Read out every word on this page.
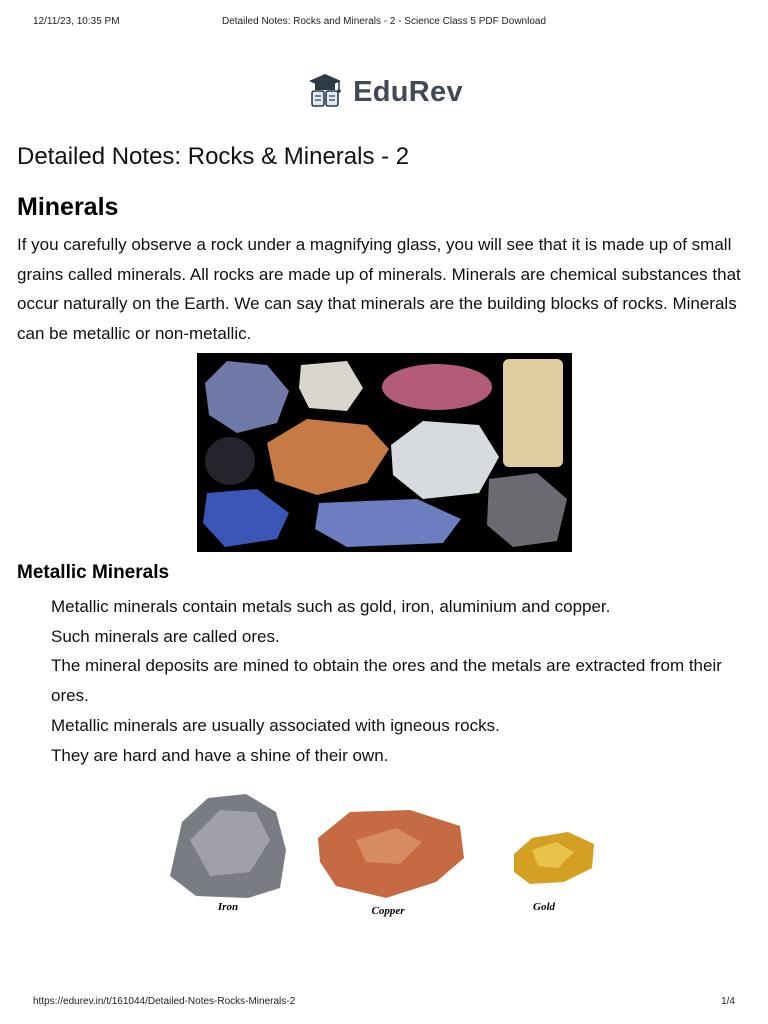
12/11/23, 10:35 PM	Detailed Notes: Rocks and Minerals - 2 - Science Class 5 PDF Download
EduRev
Detailed Notes: Rocks & Minerals - 2
Minerals

If you carefully observe a rock under a magnifying glass, you will see that it is made up of small grains called minerals. All rocks are made up of minerals. Minerals are chemical substances that occur naturally on the Earth. We can say that minerals are the building blocks of rocks. Minerals can be metallic or non-metallic.

Metallic Minerals
Metallic minerals contain metals such as gold, iron, aluminium and copper.
Such minerals are called ores.
The mineral deposits are mined to obtain the ores and the metals are extracted from their ores.
Metallic minerals are usually associated with igneous rocks.
They are hard and have a shine of their own.
Iron	Copper	Gold
https://edurev.in/t/161044/Detailed-Notes-Rocks-Minerals-2	1/4
